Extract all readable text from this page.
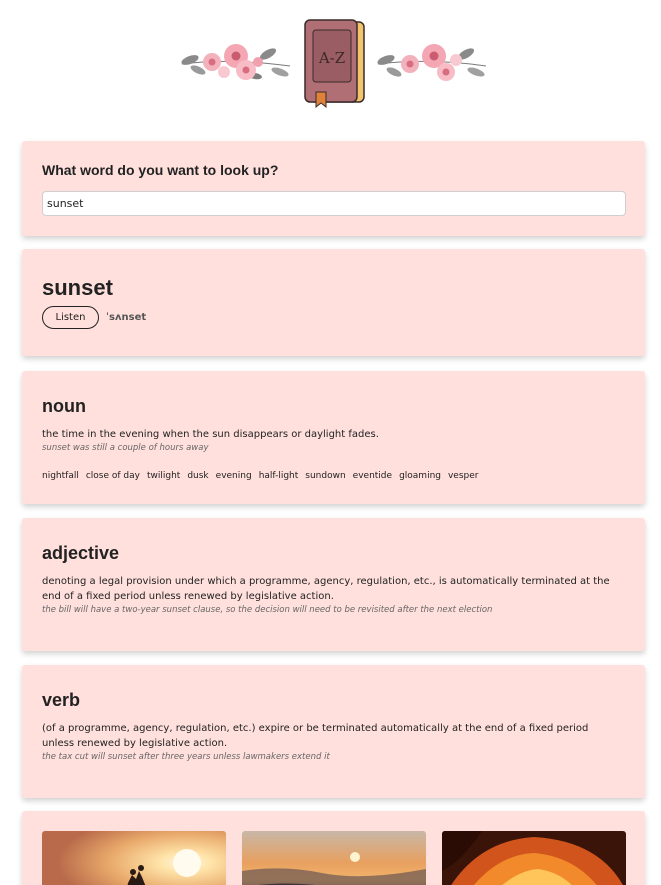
A-Z
What word do you want to look up?
sunset
sunset
Listen	ˈsʌnset
noun
the time in the evening when the sun disappears or daylight fades.
sunset was still a couple of hours away
nightfall close of day twilight dusk evening half-light sundown eventide gloaming vesper
adjective
denoting a legal provision under which a programme, agency, regulation, etc., is automatically terminated at the end of a fixed period unless renewed by legislative action.
the bill will have a two-year sunset clause, so the decision will need to be revisited after the next election
verb
(of a programme, agency, regulation, etc.) expire or be terminated automatically at the end of a fixed period unless renewed by legislative action.
the tax cut will sunset after three years unless lawmakers extend it
